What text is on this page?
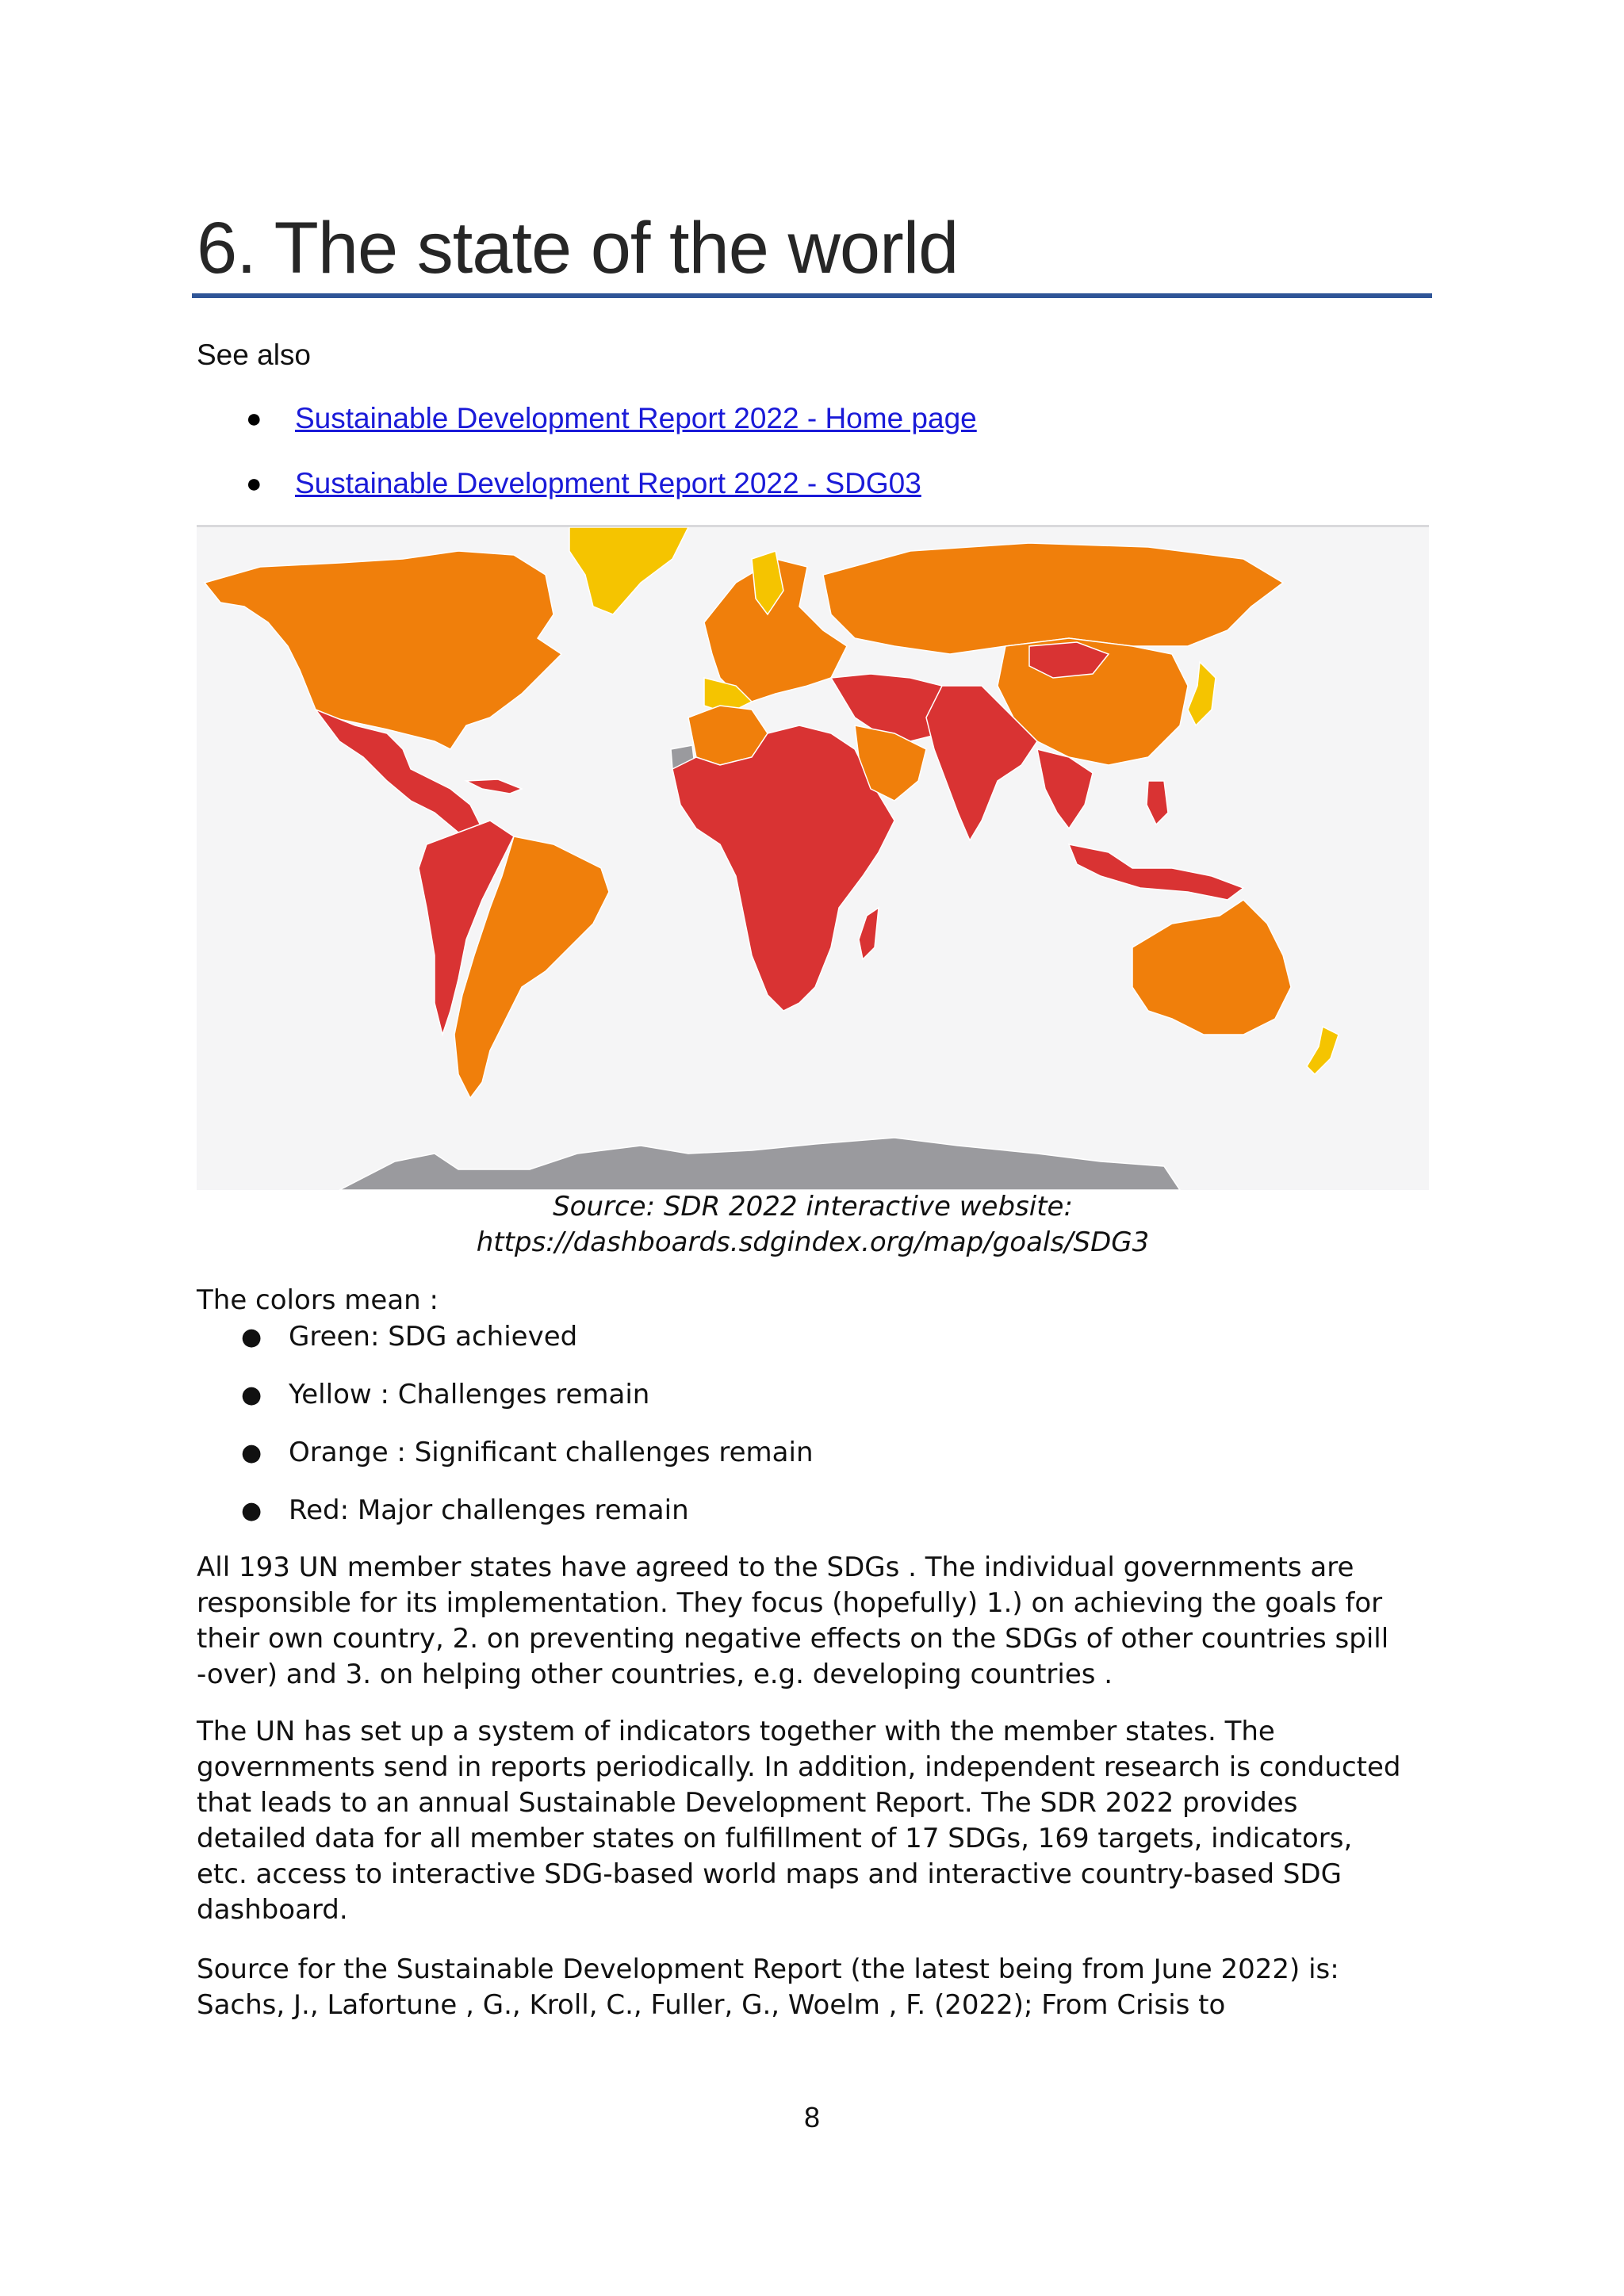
6. The state of the world
See also
● Sustainable Development Report 2022 - Home page
● Sustainable Development Report 2022 - SDG03
Source: SDR 2022 interactive website:
https://dashboards.sdgindex.org/map/goals/SDG3
The colors mean :
● Green: SDG achieved
● Yellow : Challenges remain
● Orange : Significant challenges remain
● Red: Major challenges remain
All 193 UN member states have agreed to the SDGs . The individual governments are
responsible for its implementation. They focus (hopefully) 1.) on achieving the goals for
their own country, 2. on preventing negative effects on the SDGs of other countries spill
-over) and 3. on helping other countries, e.g. developing countries .
The UN has set up a system of indicators together with the member states. The
governments send in reports periodically. In addition, independent research is conducted
that leads to an annual Sustainable Development Report. The SDR 2022 provides
detailed data for all member states on fulfillment of 17 SDGs, 169 targets, indicators,
etc. access to interactive SDG-based world maps and interactive country-based SDG
dashboard.
Source for the Sustainable Development Report (the latest being from June 2022) is:
Sachs, J., Lafortune , G., Kroll, C., Fuller, G., Woelm , F. (2022); From Crisis to
8
